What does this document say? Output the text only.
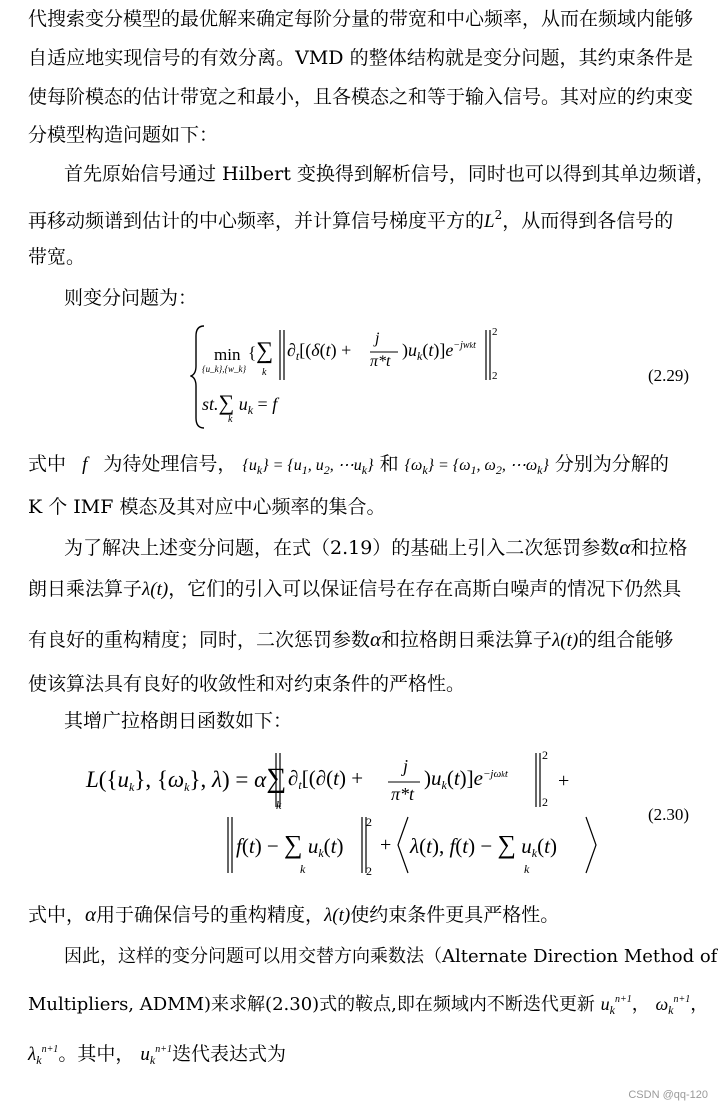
代搜索变分模型的最优解来确定每阶分量的带宽和中心频率，从而在频域内能够
自适应地实现信号的有效分离。VMD 的整体结构就是变分问题，其约束条件是
使每阶模态的估计带宽之和最小，且各模态之和等于输入信号。其对应的约束变
分模型构造问题如下：
首先原始信号通过 Hilbert 变换得到解析信号，同时也可以得到其单边频谱，
再移动频谱到估计的中心频率，并计算信号梯度平方的$L^2$，从而得到各信号的
带宽。
则变分问题为：
min
{u_k},{w_k}
{∑
k
$\partial_t[(\delta(t)$ +
j
π*t
)$u_k(t)]e^{-jwkt}$
2
2
st.∑ $u_k = f$
k
(2.29)
式中 f 为待处理信号， $\{u_k\} = \{u_1$, $u_2$, $\cdots u_k$} 和 $\{\omega_k\} = \{\omega_1$, $\omega_2$, $\cdots\omega_k$} 分别为分解的
K 个 IMF 模态及其对应中心频率的集合。
为了解决上述变分问题，在式（2.19）的基础上引入二次惩罚参数α和拉格
朗日乘法算子λ(t)，它们的引入可以保证信号在存在高斯白噪声的情况下仍然具
有良好的重构精度；同时，二次惩罚参数α和拉格朗日乘法算子λ(t)的组合能够
使该算法具有良好的收敛性和对约束条件的严格性。
其增广拉格朗日函数如下：
$L(\{u_k\}$, $\{\omega_k\}$, λ) = α∑
k
$\partial_t[(\partial(t) + j$
π*t
)$u_k(t)]e^{-j\omega kt}$
2
2
+
f(t) − ∑ $u_k(t)$
k
2
2
+ λ(t), f(t) − ∑ $u_k(t)$
k
(2.30)
式中，α用于确保信号的重构精度，λ(t)使约束条件更具严格性。
因此，这样的变分问题可以用交替方向乘数法（Alternate Direction Method of
Multipliers, ADMM)来求解(2.30)式的鞍点,即在频域内不断迭代更新 $u_k^{n+1}$， $\omega_k^{n+1}$，
$\lambda_k^{n+1}$。其中， $u_k^{n+1}$迭代表达式为
CSDN @qq-120
